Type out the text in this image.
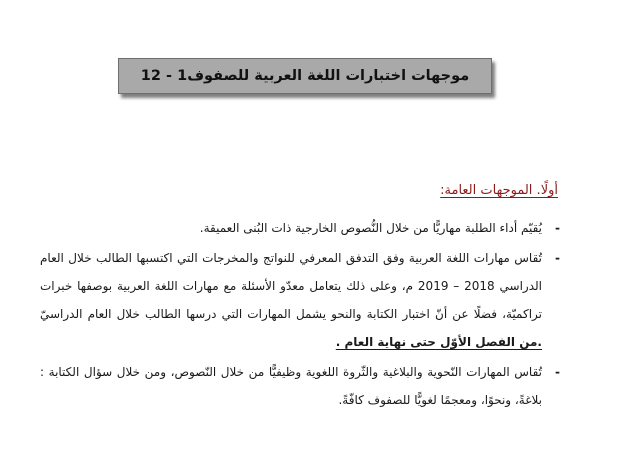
موجهات اختبارات اللغة العربية للصفوف1 - 12
أولًا. الموجهات العامة:
-
يُقيّم أداء الطلبة مهاريًّا من خلال النُّصوص الخارجية ذات البُنى العميقة.
-
تُقاس مهارات اللغة العربية وفق التدفق المعرفي للنواتج والمخرجات التي اكتسبها الطالب خلال العام الدراسي 2018 – 2019 م، وعلى ذلك يتعامل معدّو الأسئلة مع مهارات اللغة العربية بوصفها خبرات تراكميّة، فضلًا عن أنّ اختبار الكتابة والنحو يشمل المهارات التي درسها الطالب خلال العام الدراسيّ .من الفصل الأوّل حتى نهاية العام .
-
تُقاس المهارات النّحوية والبلاغية والثّروة اللغوية وظيفيًّا من خلال النّصوص، ومن خلال سؤال الكتابة : بلاغةً، ونحوًا، ومعجمًا لغويًّا للصفوف كافّةً.
